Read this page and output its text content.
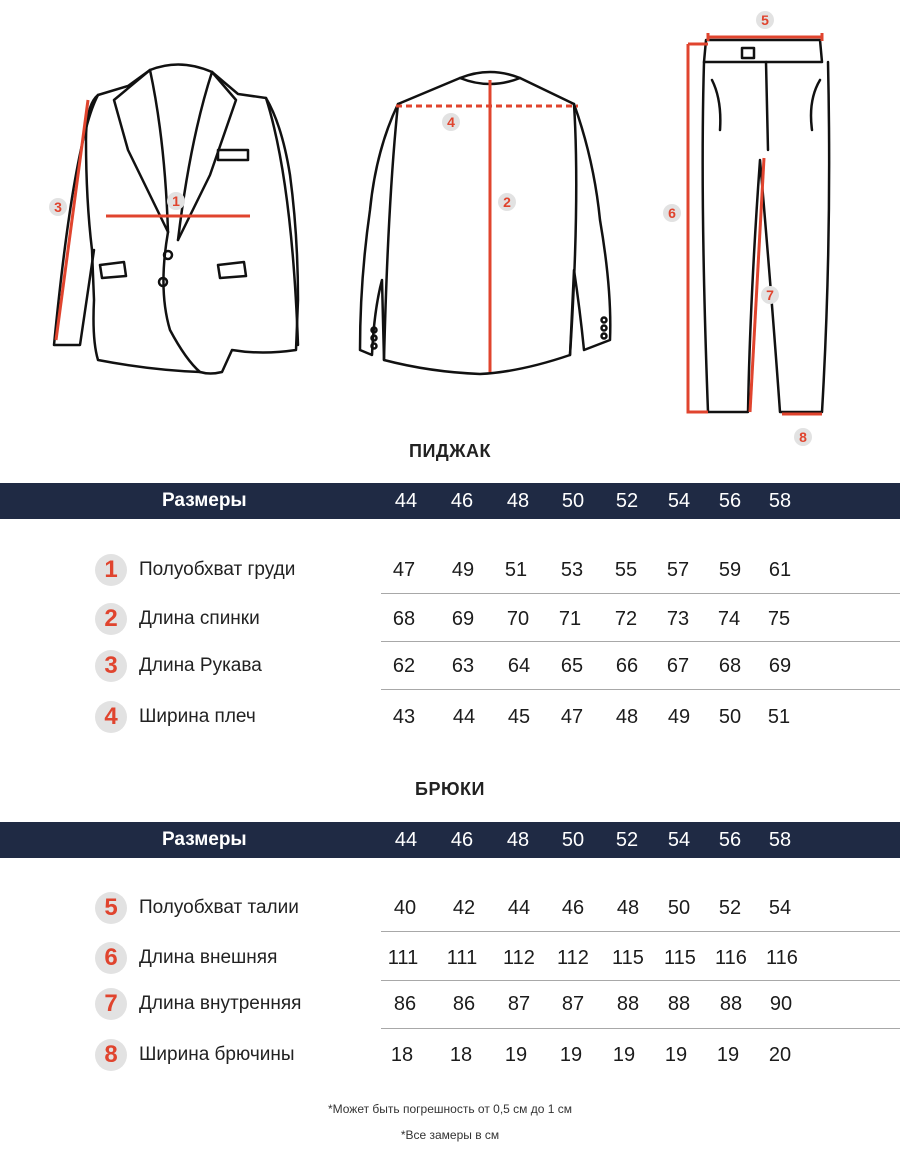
1
3	2
4
5
6
7
8
ПИДЖАК
Размеры	44	46	48	50	52	54	56	58
1	Полуобхват груди	47	49	51	53	55	57	59	61
2	Длина спинки	68	69	70	71	72	73	74	75
3	Длина Рукава	62	63	64	65	66	67	68	69
4	Ширина плеч	43	44	45	47	48	49	50	51
БРЮКИ
Размеры	44	46	48	50	52	54	56	58
5	Полуобхват талии	40	42	44	46	48	50	52	54
6	Длина внешняя	111	111	112	112	115	115 116 116
7	Длина внутренняя	86	86	87	87	88	88	88	90
8	Ширина брючины	18	18	19	19	19	19	19	20
*Может быть погрешность от 0,5 см до 1 см
*Все замеры в см
